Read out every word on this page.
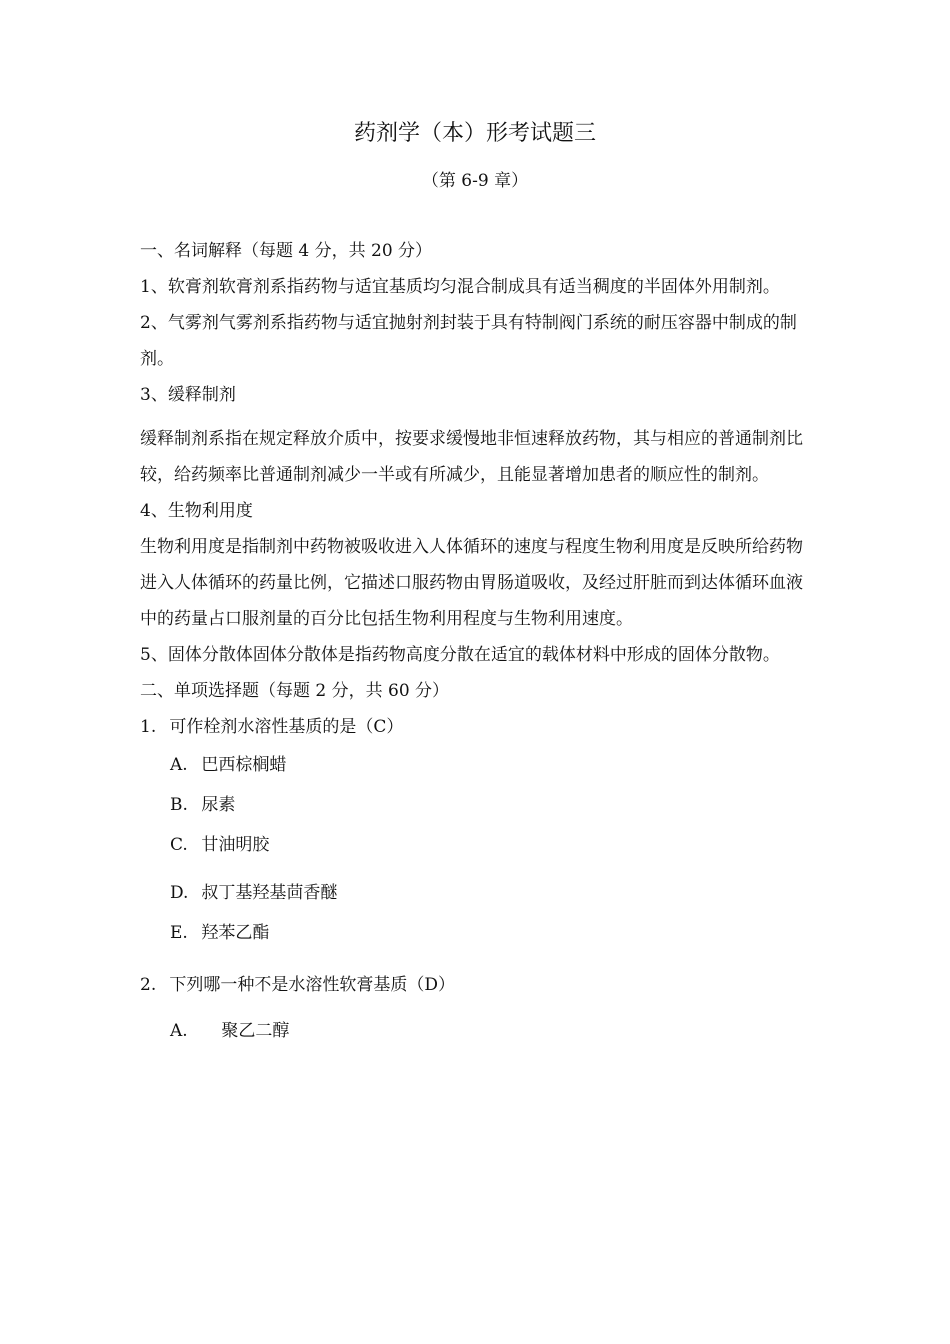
药剂学（本）形考试题三
（第 6-9 章）

一、名词解释（每题 4 分，共 20 分）

1、软膏剂软膏剂系指药物与适宜基质均匀混合制成具有适当稠度的半固体外用制剂。

2、气雾剂气雾剂系指药物与适宜抛射剂封装于具有特制阀门系统的耐压容器中制成的制剂。

3、缓释制剂

缓释制剂系指在规定释放介质中，按要求缓慢地非恒速释放药物，其与相应的普通制剂比较，给药频率比普通制剂减少一半或有所减少，且能显著增加患者的顺应性的制剂。

4、生物利用度

生物利用度是指制剂中药物被吸收进入人体循环的速度与程度生物利用度是反映所给药物进入人体循环的药量比例，它描述口服药物由胃肠道吸收，及经过肝脏而到达体循环血液中的药量占口服剂量的百分比包括生物利用程度与生物利用速度。

5、固体分散体固体分散体是指药物高度分散在适宜的载体材料中形成的固体分散物。

二、单项选择题（每题 2 分，共 60 分）

1. 可作栓剂水溶性基质的是（C）

A. 巴西棕榈蜡
B. 尿素
C. 甘油明胶
D. 叔丁基羟基茴香醚
E. 羟苯乙酯

2. 下列哪一种不是水溶性软膏基质（D）

A. 聚乙二醇
